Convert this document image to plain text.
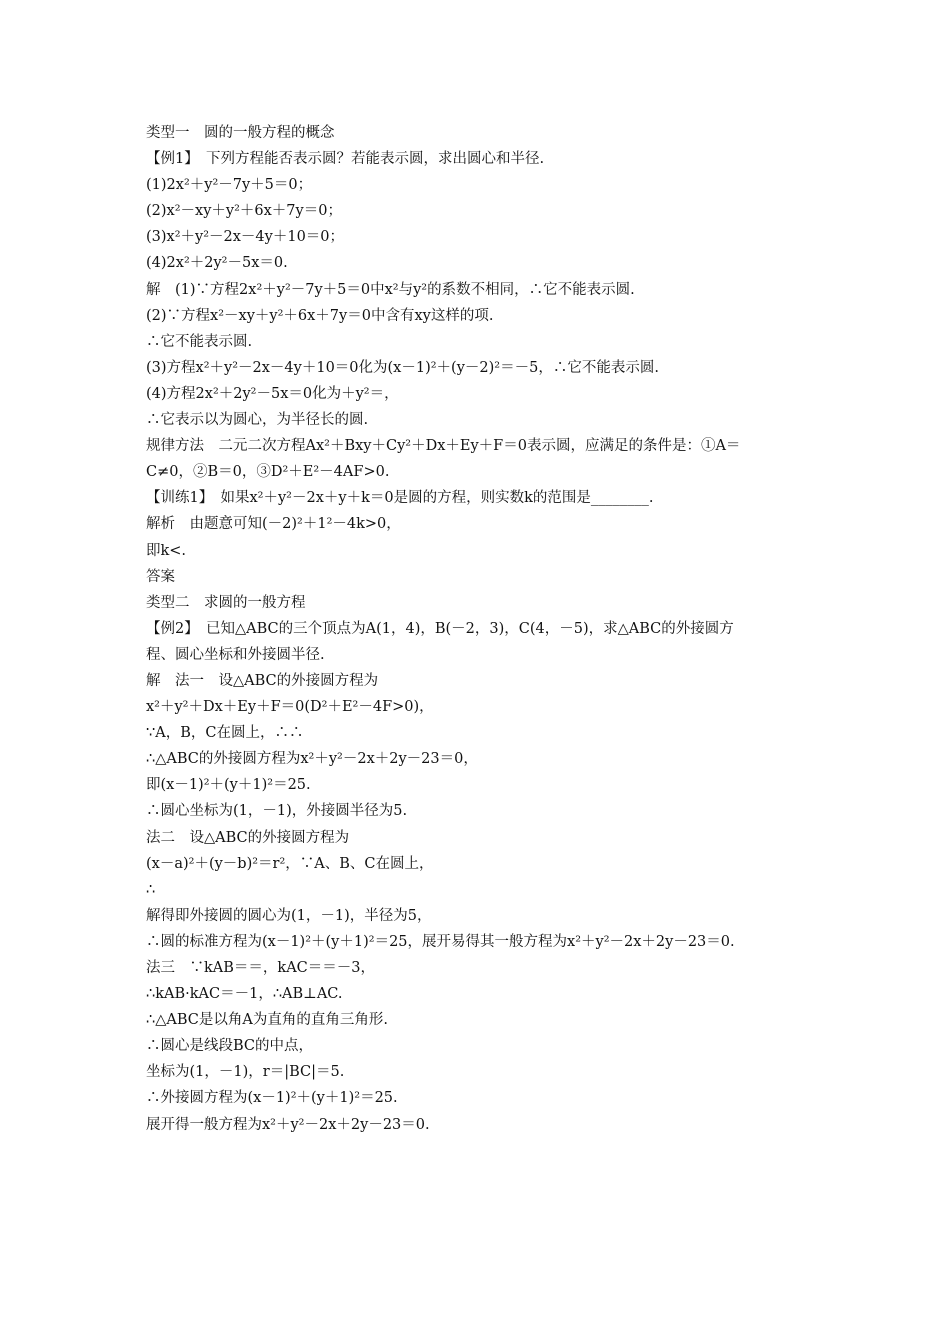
类型一　圆的一般方程的概念
【例1】　下列方程能否表示圆？若能表示圆，求出圆心和半径.
(1)2x²＋y²－7y＋5＝0；
(2)x²－xy＋y²＋6x＋7y＝0；
(3)x²＋y²－2x－4y＋10＝0；
(4)2x²＋2y²－5x＝0.
解　(1)∵方程2x²＋y²－7y＋5＝0中x²与y²的系数不相同，∴它不能表示圆.
(2)∵方程x²－xy＋y²＋6x＋7y＝0中含有xy这样的项.
∴它不能表示圆.
(3)方程x²＋y²－2x－4y＋10＝0化为(x－1)²＋(y－2)²＝－5，∴它不能表示圆.
(4)方程2x²＋2y²－5x＝0化为＋y²＝，
∴它表示以为圆心，为半径长的圆.
规律方法　二元二次方程Ax²＋Bxy＋Cy²＋Dx＋Ey＋F＝0表示圆，应满足的条件是：①A＝
C≠0，②B＝0，③D²＋E²－4AF>0.
【训练1】　如果x²＋y²－2x＋y＋k＝0是圆的方程，则实数k的范围是________.
解析　由题意可知(－2)²＋1²－4k>0，
即k<.
答案
类型二　求圆的一般方程
【例2】　已知△ABC的三个顶点为A(1，4)，B(－2，3)，C(4，－5)，求△ABC的外接圆方
程、圆心坐标和外接圆半径.
解　法一　设△ABC的外接圆方程为
x²＋y²＋Dx＋Ey＋F＝0(D²＋E²－4F>0)，
∵A，B，C在圆上，∴∴
∴△ABC的外接圆方程为x²＋y²－2x＋2y－23＝0，
即(x－1)²＋(y＋1)²＝25.
∴圆心坐标为(1，－1)，外接圆半径为5.
法二　设△ABC的外接圆方程为
(x－a)²＋(y－b)²＝r²，∵A、B、C在圆上，
∴
解得即外接圆的圆心为(1，－1)，半径为5，
∴圆的标准方程为(x－1)²＋(y＋1)²＝25，展开易得其一般方程为x²＋y²－2x＋2y－23＝0.
法三　∵kAB＝＝，kAC＝＝－3，
∴kAB·kAC＝－1，∴AB⊥AC.
∴△ABC是以角A为直角的直角三角形.
∴圆心是线段BC的中点，
坐标为(1，－1)，r＝|BC|＝5.
∴外接圆方程为(x－1)²＋(y＋1)²＝25.
展开得一般方程为x²＋y²－2x＋2y－23＝0.
